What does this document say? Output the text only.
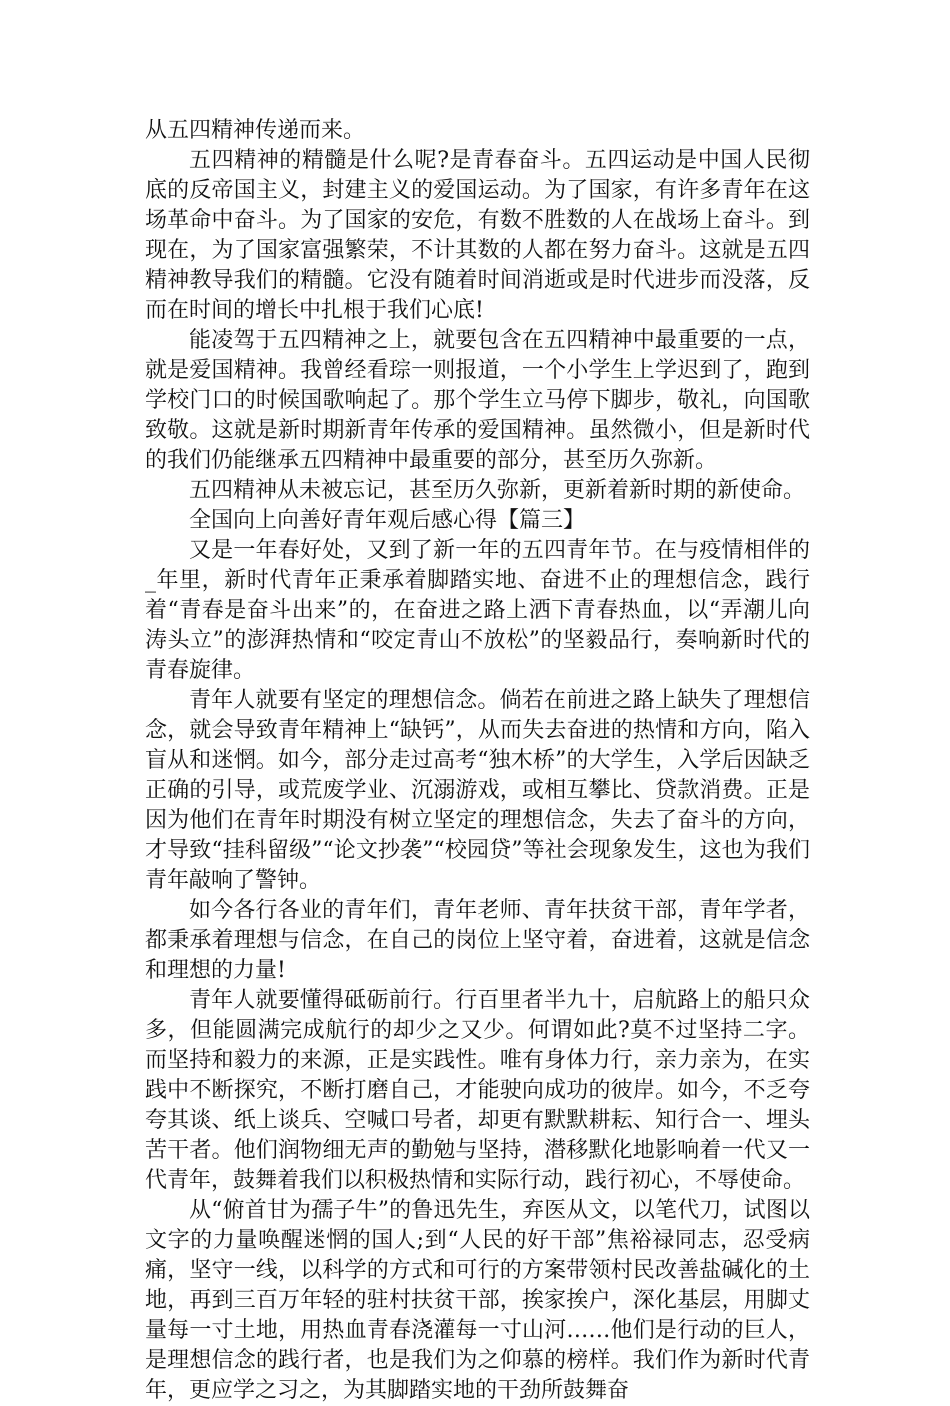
从五四精神传递而来。

五四精神的精髓是什么呢?是青春奋斗。五四运动是中国人民彻底的反帝国主义，封建主义的爱国运动。为了国家，有许多青年在这场革命中奋斗。为了国家的安危，有数不胜数的人在战场上奋斗。到现在，为了国家富强繁荣，不计其数的人都在努力奋斗。这就是五四精神教导我们的精髓。它没有随着时间消逝或是时代进步而没落，反而在时间的增长中扎根于我们心底!

能凌驾于五四精神之上，就要包含在五四精神中最重要的一点，就是爱国精神。我曾经看琮一则报道，一个小学生上学迟到了，跑到学校门口的时候国歌响起了。那个学生立马停下脚步，敬礼，向国歌致敬。这就是新时期新青年传承的爱国精神。虽然微小，但是新时代的我们仍能继承五四精神中最重要的部分，甚至历久弥新。

五四精神从未被忘记，甚至历久弥新，更新着新时期的新使命。

全国向上向善好青年观后感心得【篇三】

又是一年春好处，又到了新一年的五四青年节。在与疫情相伴的_年里，新时代青年正秉承着脚踏实地、奋进不止的理想信念，践行着“青春是奋斗出来”的，在奋进之路上洒下青春热血，以“弄潮儿向涛头立”的澎湃热情和“咬定青山不放松”的坚毅品行，奏响新时代的青春旋律。

青年人就要有坚定的理想信念。倘若在前进之路上缺失了理想信念，就会导致青年精神上“缺钙”，从而失去奋进的热情和方向，陷入盲从和迷惘。如今，部分走过高考“独木桥”的大学生，入学后因缺乏正确的引导，或荒废学业、沉溺游戏，或相互攀比、贷款消费。正是因为他们在青年时期没有树立坚定的理想信念，失去了奋斗的方向，才导致“挂科留级”“论文抄袭”“校园贷”等社会现象发生，这也为我们青年敲响了警钟。

如今各行各业的青年们，青年老师、青年扶贫干部，青年学者，都秉承着理想与信念，在自己的岗位上坚守着，奋进着，这就是信念和理想的力量!

青年人就要懂得砥砺前行。行百里者半九十，启航路上的船只众多，但能圆满完成航行的却少之又少。何谓如此?莫不过坚持二字。而坚持和毅力的来源，正是实践性。唯有身体力行，亲力亲为，在实践中不断探究，不断打磨自己，才能驶向成功的彼岸。如今，不乏夸夸其谈、纸上谈兵、空喊口号者，却更有默默耕耘、知行合一、埋头苦干者。他们润物细无声的勤勉与坚持，潜移默化地影响着一代又一代青年，鼓舞着我们以积极热情和实际行动，践行初心，不辱使命。

从“俯首甘为孺子牛”的鲁迅先生，弃医从文，以笔代刀，试图以文字的力量唤醒迷惘的国人;到“人民的好干部”焦裕禄同志，忍受病痛，坚守一线，以科学的方式和可行的方案带领村民改善盐碱化的土地，再到三百万年轻的驻村扶贫干部，挨家挨户，深化基层，用脚丈量每一寸土地，用热血青春浇灌每一寸山河……他们是行动的巨人，是理想信念的践行者，也是我们为之仰慕的榜样。我们作为新时代青年，更应学之习之，为其脚踏实地的干劲所鼓舞奋
